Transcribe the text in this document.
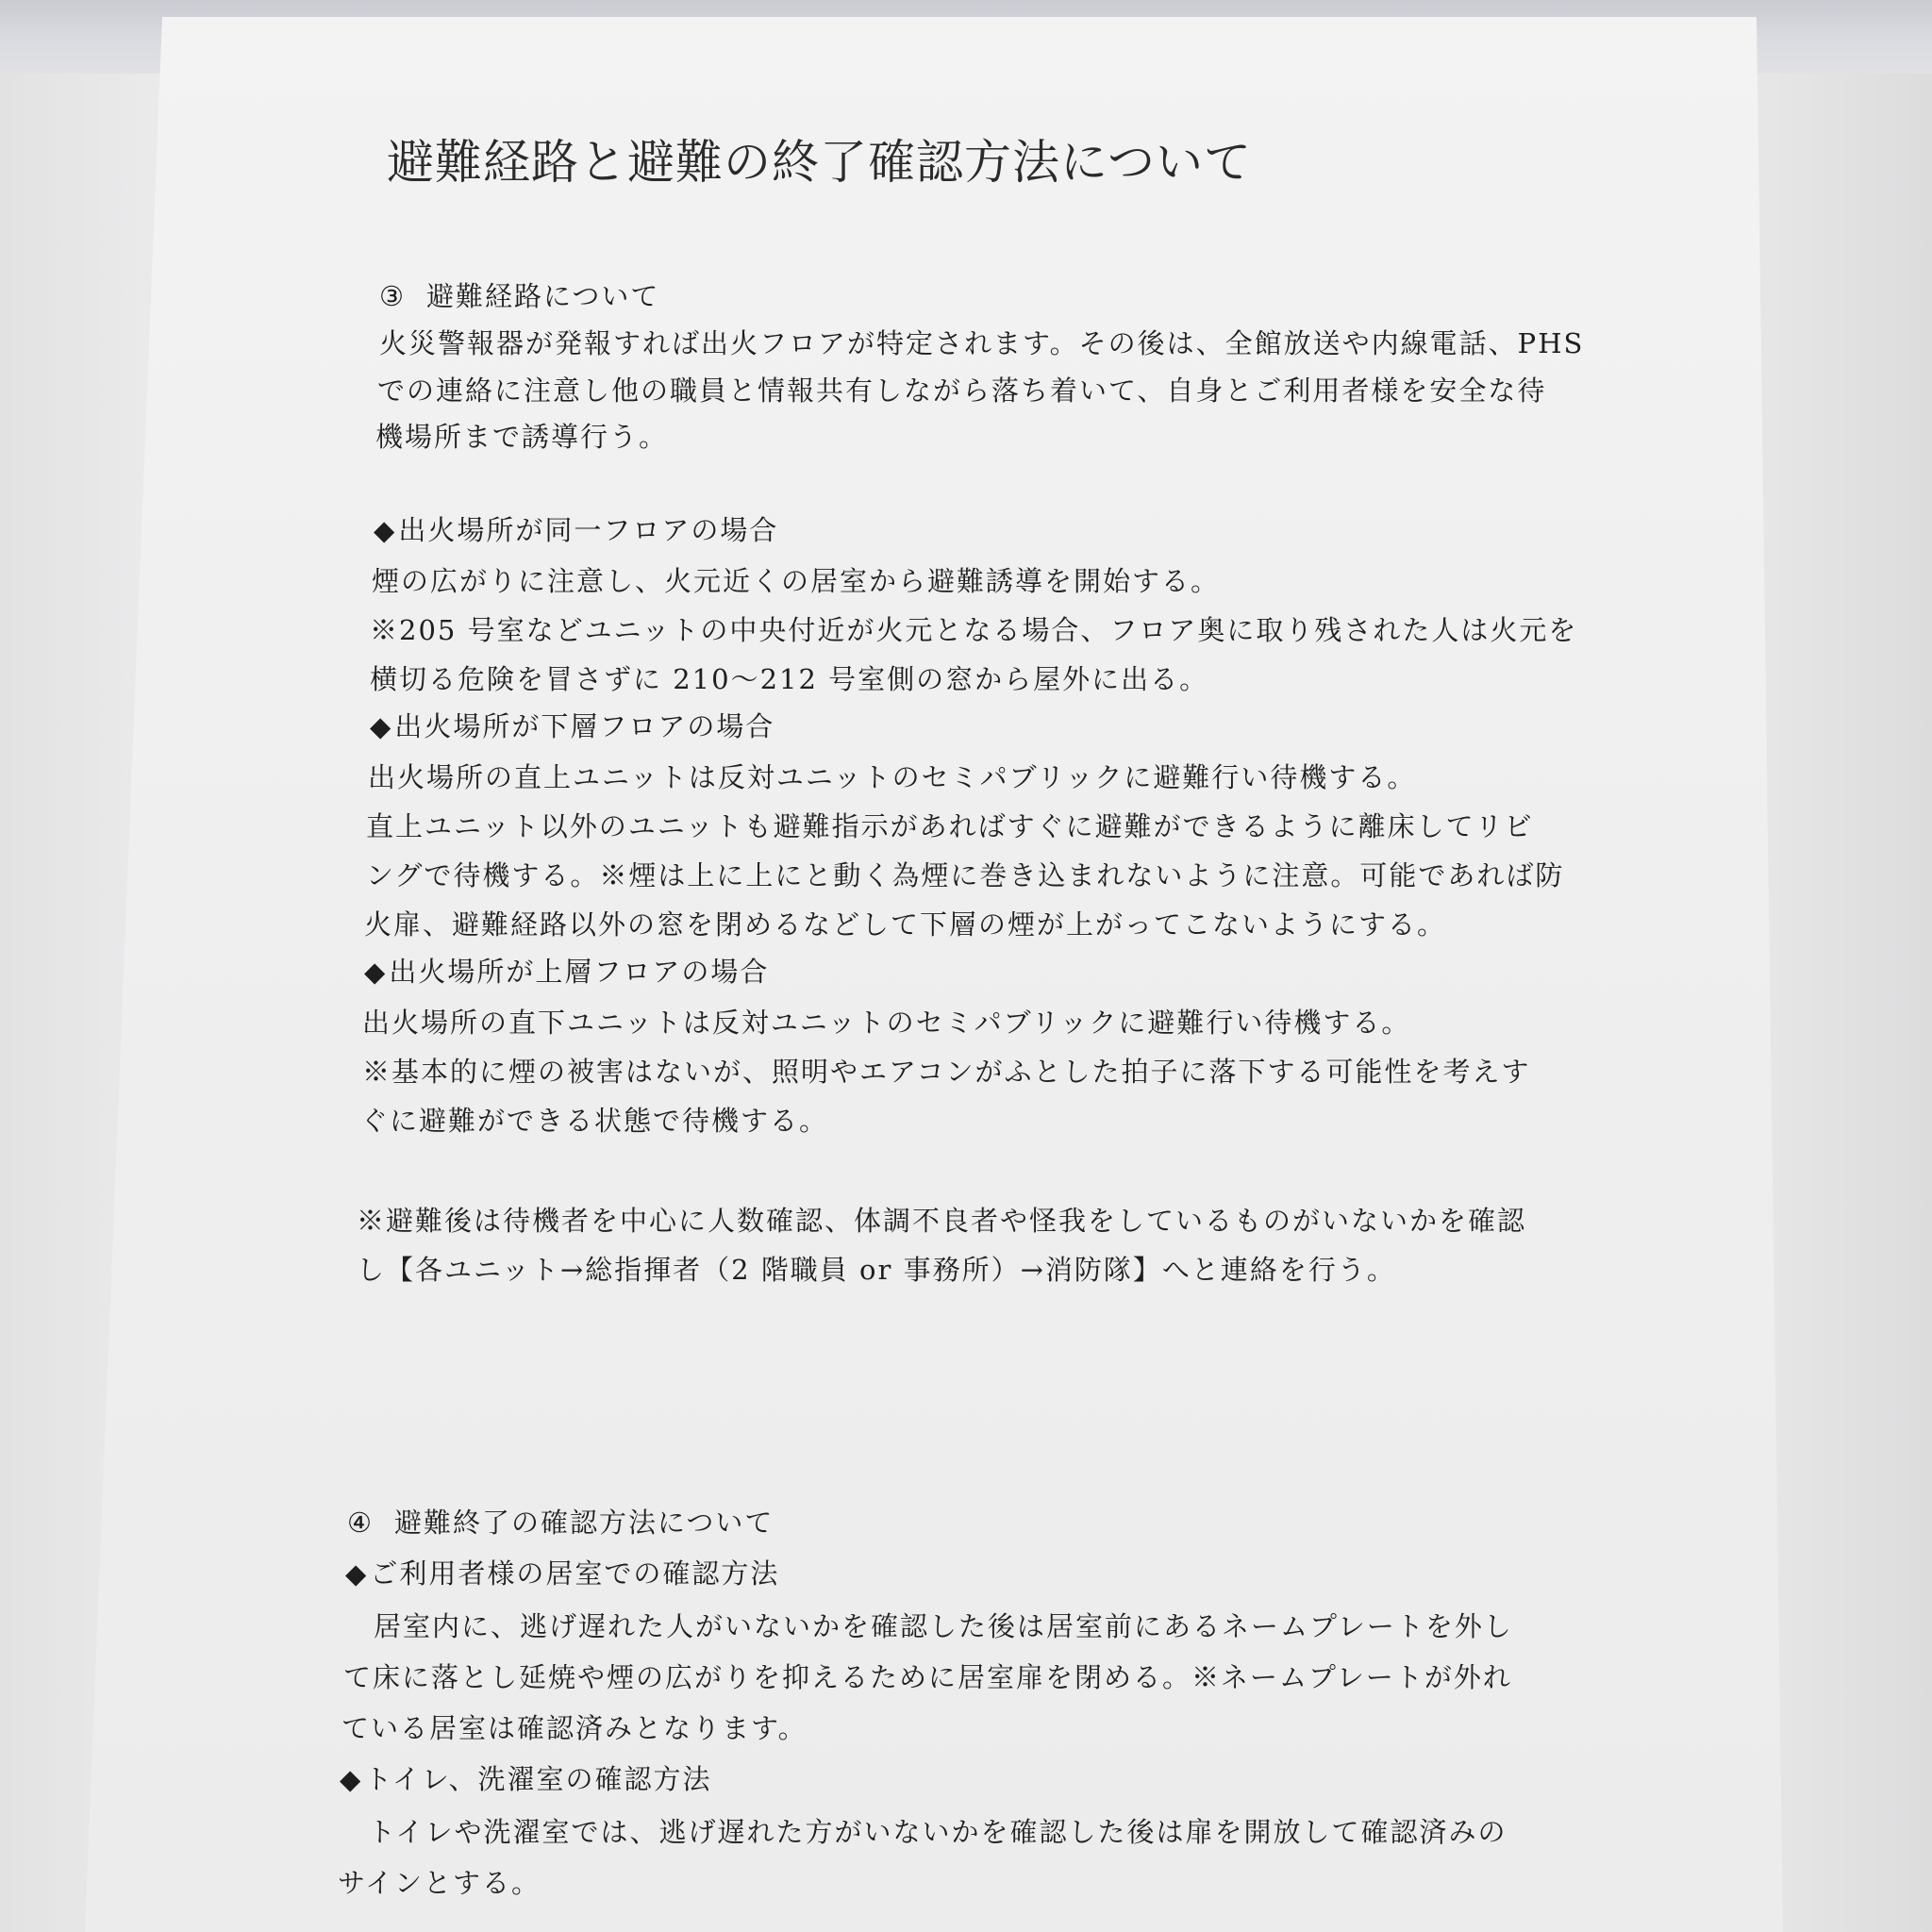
避難経路と避難の終了確認方法について
③ 避難経路について
火災警報器が発報すれば出火フロアが特定されます。その後は、全館放送や内線電話、PHS
での連絡に注意し他の職員と情報共有しながら落ち着いて、自身とご利用者様を安全な待
機場所まで誘導行う。
◆出火場所が同一フロアの場合
煙の広がりに注意し、火元近くの居室から避難誘導を開始する。
※205 号室などユニットの中央付近が火元となる場合、フロア奥に取り残された人は火元を
横切る危険を冒さずに 210～212 号室側の窓から屋外に出る。
◆出火場所が下層フロアの場合
出火場所の直上ユニットは反対ユニットのセミパブリックに避難行い待機する。
直上ユニット以外のユニットも避難指示があればすぐに避難ができるように離床してリビ
ングで待機する。※煙は上に上にと動く為煙に巻き込まれないように注意。可能であれば防
火扉、避難経路以外の窓を閉めるなどして下層の煙が上がってこないようにする。
◆出火場所が上層フロアの場合
出火場所の直下ユニットは反対ユニットのセミパブリックに避難行い待機する。
※基本的に煙の被害はないが、照明やエアコンがふとした拍子に落下する可能性を考えす
ぐに避難ができる状態で待機する。
※避難後は待機者を中心に人数確認、体調不良者や怪我をしているものがいないかを確認
し【各ユニット→総指揮者（2 階職員 or 事務所）→消防隊】へと連絡を行う。
④ 避難終了の確認方法について
◆ご利用者様の居室での確認方法
居室内に、逃げ遅れた人がいないかを確認した後は居室前にあるネームプレートを外し
て床に落とし延焼や煙の広がりを抑えるために居室扉を閉める。※ネームプレートが外れ
ている居室は確認済みとなります。
◆トイレ、洗濯室の確認方法
トイレや洗濯室では、逃げ遅れた方がいないかを確認した後は扉を開放して確認済みの
サインとする。
